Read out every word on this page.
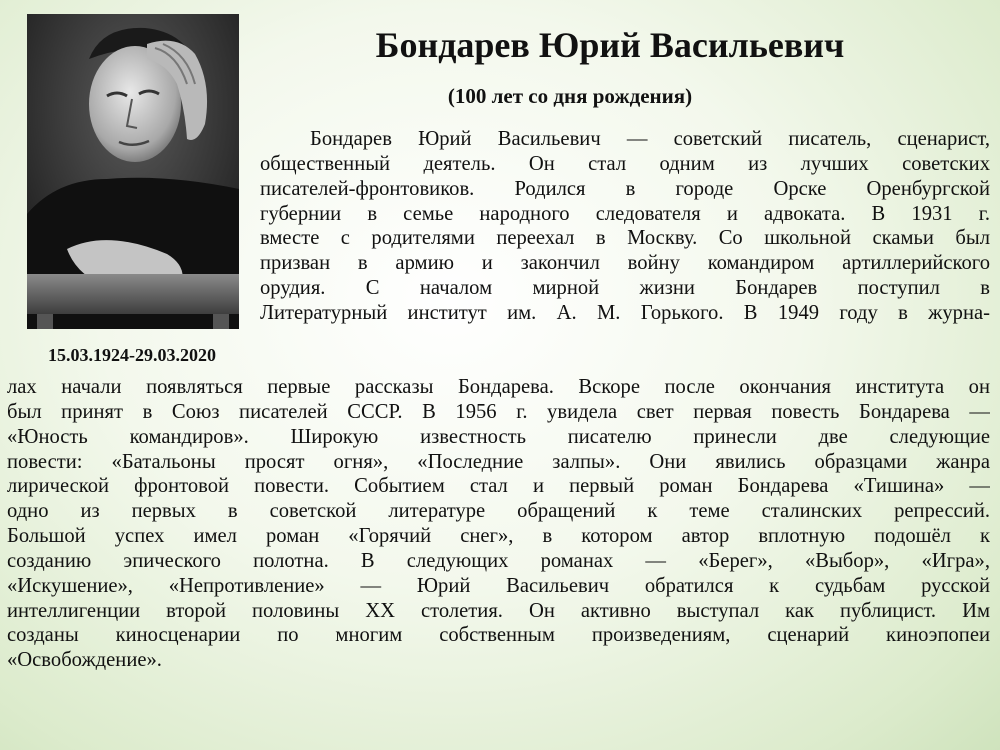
15.03.1924-29.03.2020
Бондарев Юрий Васильевич
(100 лет со дня рождения)
Бондарев Юрий Васильевич — советский писатель, сценарист,
общественный деятель. Он стал одним из лучших советских
писателей-фронтовиков. Родился в городе Орске Оренбургской
губернии в семье народного следователя и адвоката. В 1931 г.
вместе с родителями переехал в Москву. Со школьной скамьи был
призван в армию и закончил войну командиром артиллерийского
орудия. С началом мирной жизни Бондарев поступил в
Литературный институт им. А. М. Горького. В 1949 году в журна-
лах начали появляться первые рассказы Бондарева. Вскоре после окончания института он
был принят в Союз писателей СССР. В 1956 г. увидела свет первая повесть Бондарева —
«Юность командиров». Широкую известность писателю принесли две следующие
повести: «Батальоны просят огня», «Последние залпы». Они явились образцами жанра
лирической фронтовой повести. Событием стал и первый роман Бондарева «Тишина» —
одно из первых в советской литературе обращений к теме сталинских репрессий.
Большой успех имел роман «Горячий снег», в котором автор вплотную подошёл к
созданию эпического полотна. В следующих романах — «Берег», «Выбор», «Игра»,
«Искушение», «Непротивление» — Юрий Васильевич обратился к судьбам русской
интеллигенции второй половины XX столетия. Он активно выступал как публицист. Им
созданы киносценарии по многим собственным произведениям, сценарий киноэпопеи
«Освобождение».
